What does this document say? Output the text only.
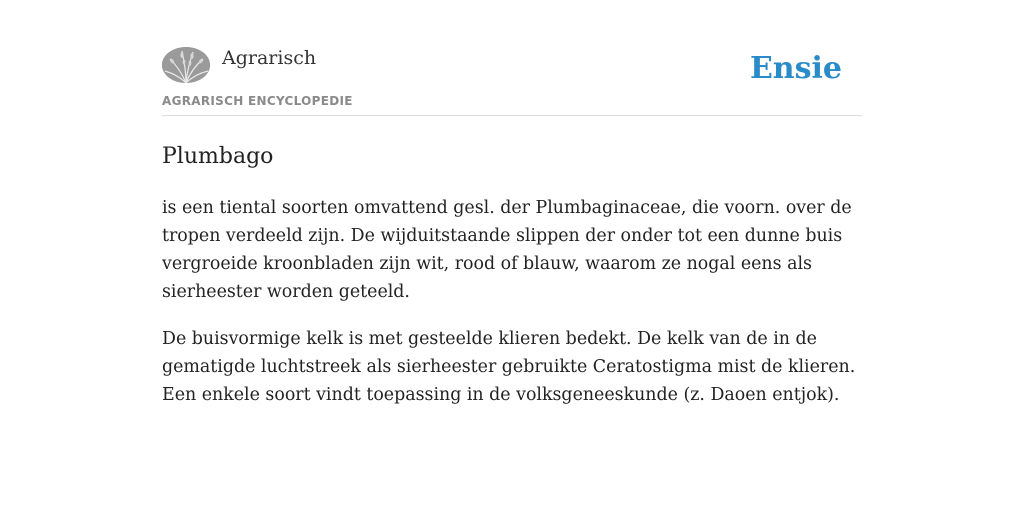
Agrarisch
AGRARISCH ENCYCLOPEDIE
Ensie
Plumbago

is een tiental soorten omvattend gesl. der Plumbaginaceae, die voorn. over de tropen verdeeld zijn. De wijduitstaande slippen der onder tot een dunne buis vergroeide kroonbladen zijn wit, rood of blauw, waarom ze nogal eens als sierheester worden geteeld.

De buisvormige kelk is met gesteelde klieren bedekt. De kelk van de in de gematigde luchtstreek als sierheester gebruikte Ceratostigma mist de klieren. Een enkele soort vindt toepassing in de volksgeneeskunde (z. Daoen entjok).
